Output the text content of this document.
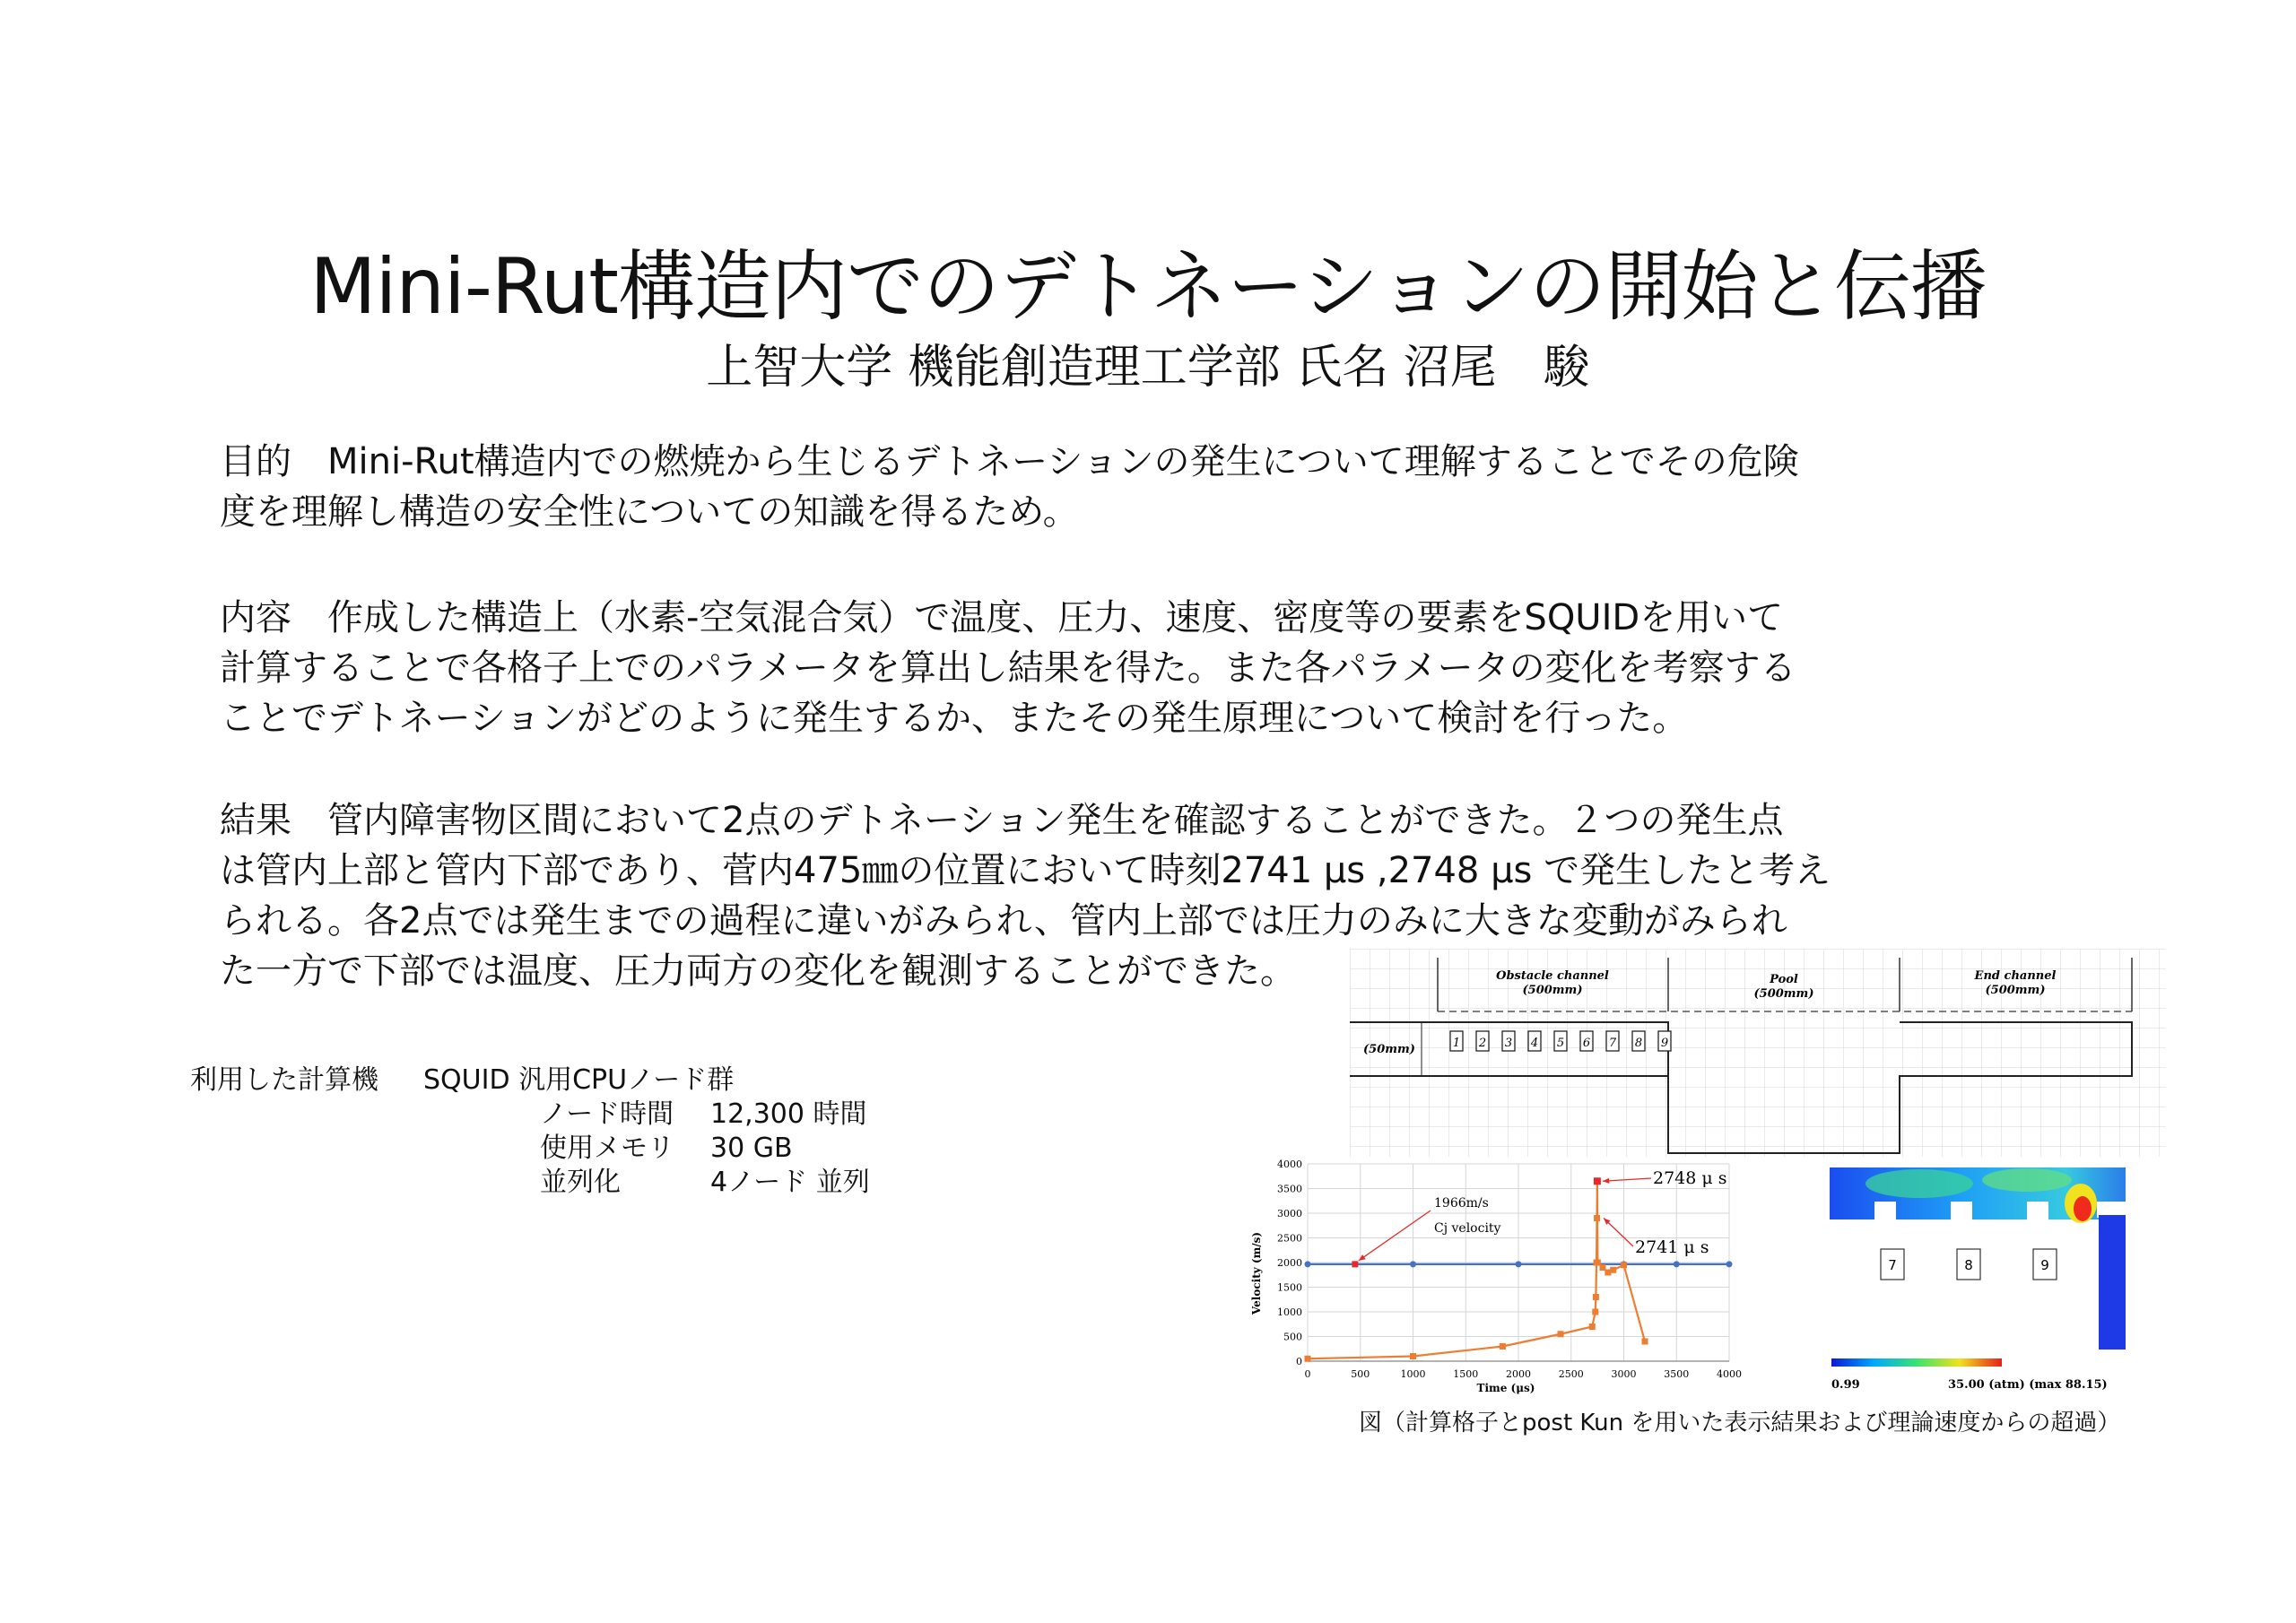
Mini-Rut構造内でのデトネーションの開始と伝播
上智大学 機能創造理工学部 氏名 沼尾　駿
目的　Mini-Rut構造内での燃焼から生じるデトネーションの発生について理解することでその危険
度を理解し構造の安全性についての知識を得るため。
内容　作成した構造上（水素-空気混合気）で温度、圧力、速度、密度等の要素をSQUIDを用いて
計算することで各格子上でのパラメータを算出し結果を得た。また各パラメータの変化を考察する
ことでデトネーションがどのように発生するか、またその発生原理について検討を行った。
結果　管内障害物区間において2点のデトネーション発生を確認することができた。２つの発生点
は管内上部と管内下部であり、菅内475㎜の位置において時刻2741 μs ,2748 μs で発生したと考え
られる。各2点では発生までの過程に違いがみられ、管内上部では圧力のみに大きな変動がみられ
た一方で下部では温度、圧力両方の変化を観測することができた。
利用した計算機 SQUID 汎用CPUノード群
ノード時間 12,300 時間
使用メモリ 30 GB
並列化	4ノード 並列
Obstacle channel
(500mm)
Pool
(500mm)
End channel
(500mm)
(50mm)	1 2 3 4 5 6 7 8 9
0
500
1000
1500
2000
2500
3000
3500
4000
0	500	1000	1500	2000	2500	3000	3500	4000
Time (μs)
Velocity (m/s)
1966m/s
Cj velocity
2748 μ s
2741 μ s
7	8	9
0.99	35.00 (atm) (max 88.15)
図（計算格子とpost Kun を用いた表示結果および理論速度からの超過）
